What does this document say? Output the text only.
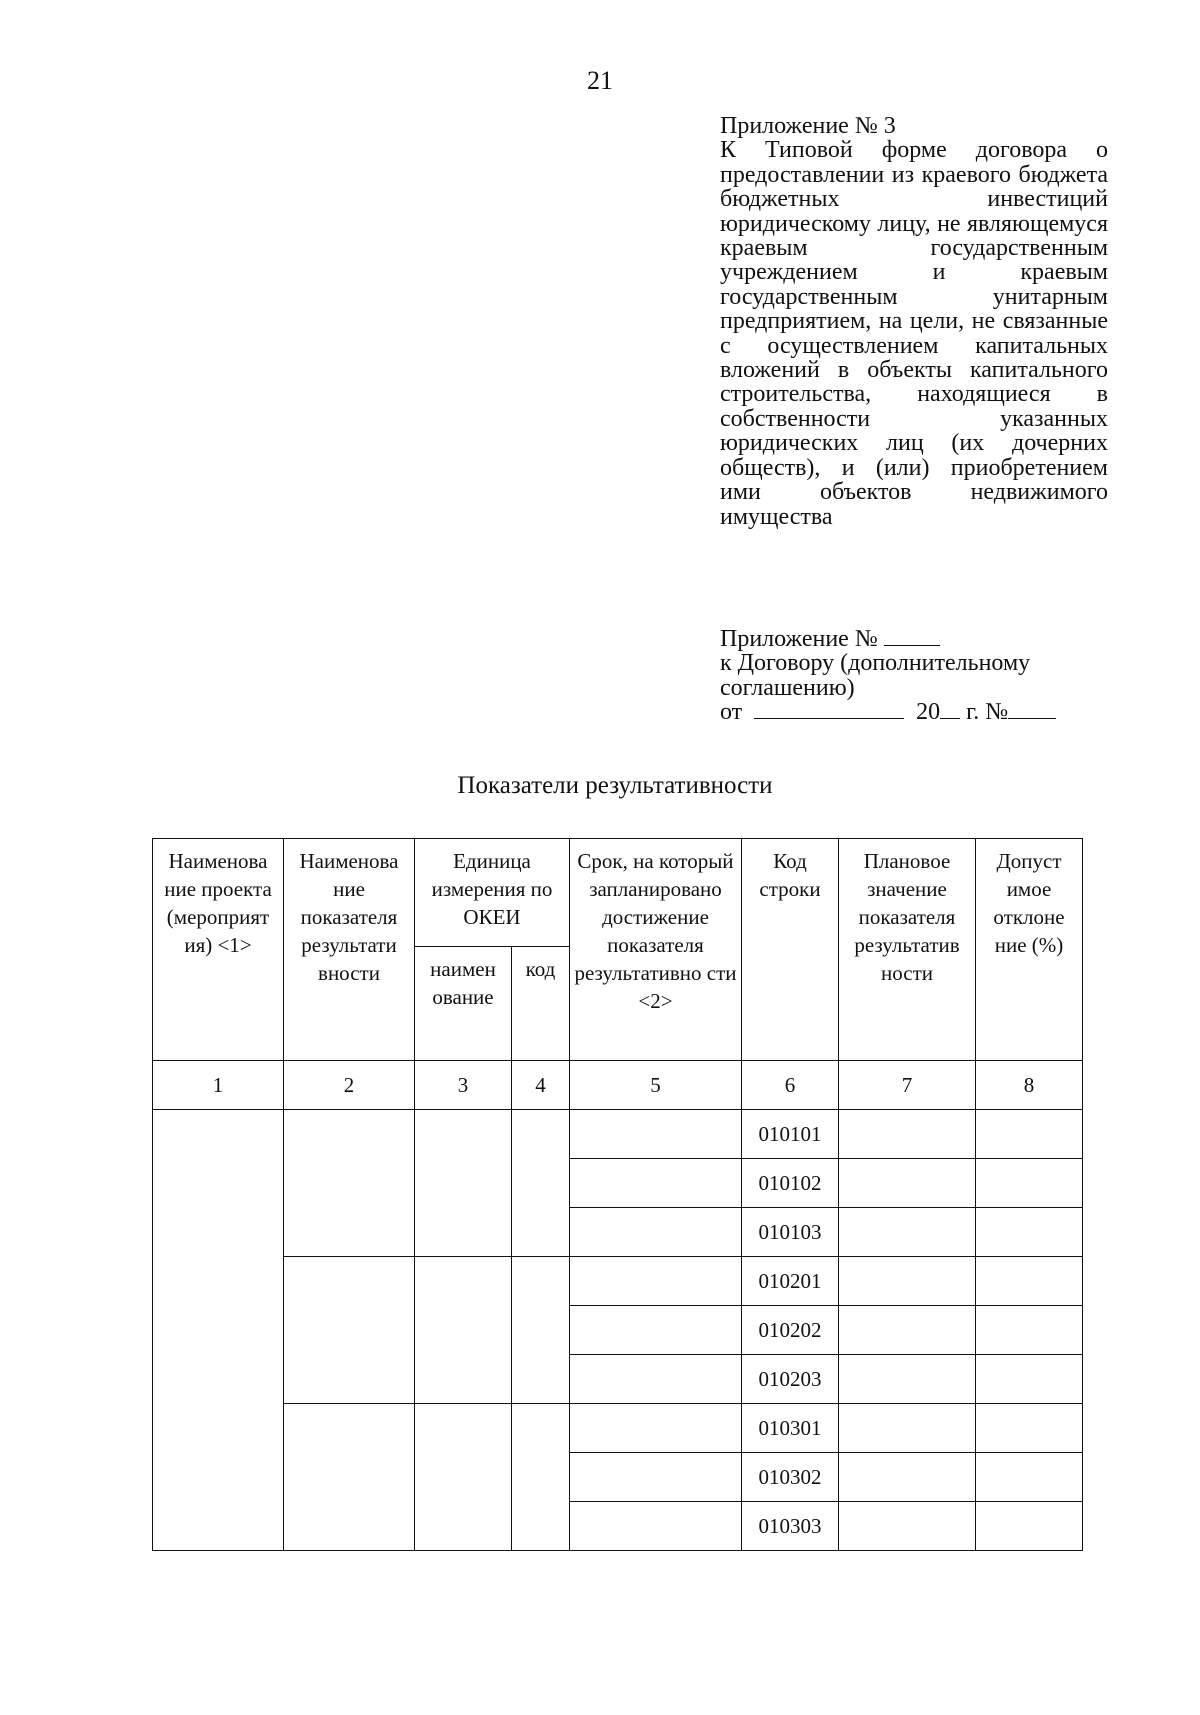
21
Приложение № 3

К Типовой форме договора о предоставлении из краевого бюджета бюджетных инвестиций юридическому лицу, не являющемуся краевым государственным учреждением и краевым государственным унитарным предприятием, на цели, не связанные с осуществлением капитальных вложений в объекты капитального строительства, находящиеся в собственности указанных юридических лиц (их дочерних обществ), и (или) приобретением ими объектов недвижимого имущества

Приложение №
к Договору (дополнительному соглашению)
от	20 г. №
Показатели результативности
Наименова ние проекта (мероприят ия) <1>	Наименова ние показателя результати вности	Единица измерения по ОКЕИ		Срок, на который запланировано достижение показателя результативно сти <2>	Код строки	Плановое значение показателя результатив ности	Допуст имое отклоне ние (%)
		наимен ование	код				
1	2	3	4	5	6	7	8
					010101		
					010102		
					010103		
					010201		
					010202		
					010203		
					010301		
					010302		
					010303		
